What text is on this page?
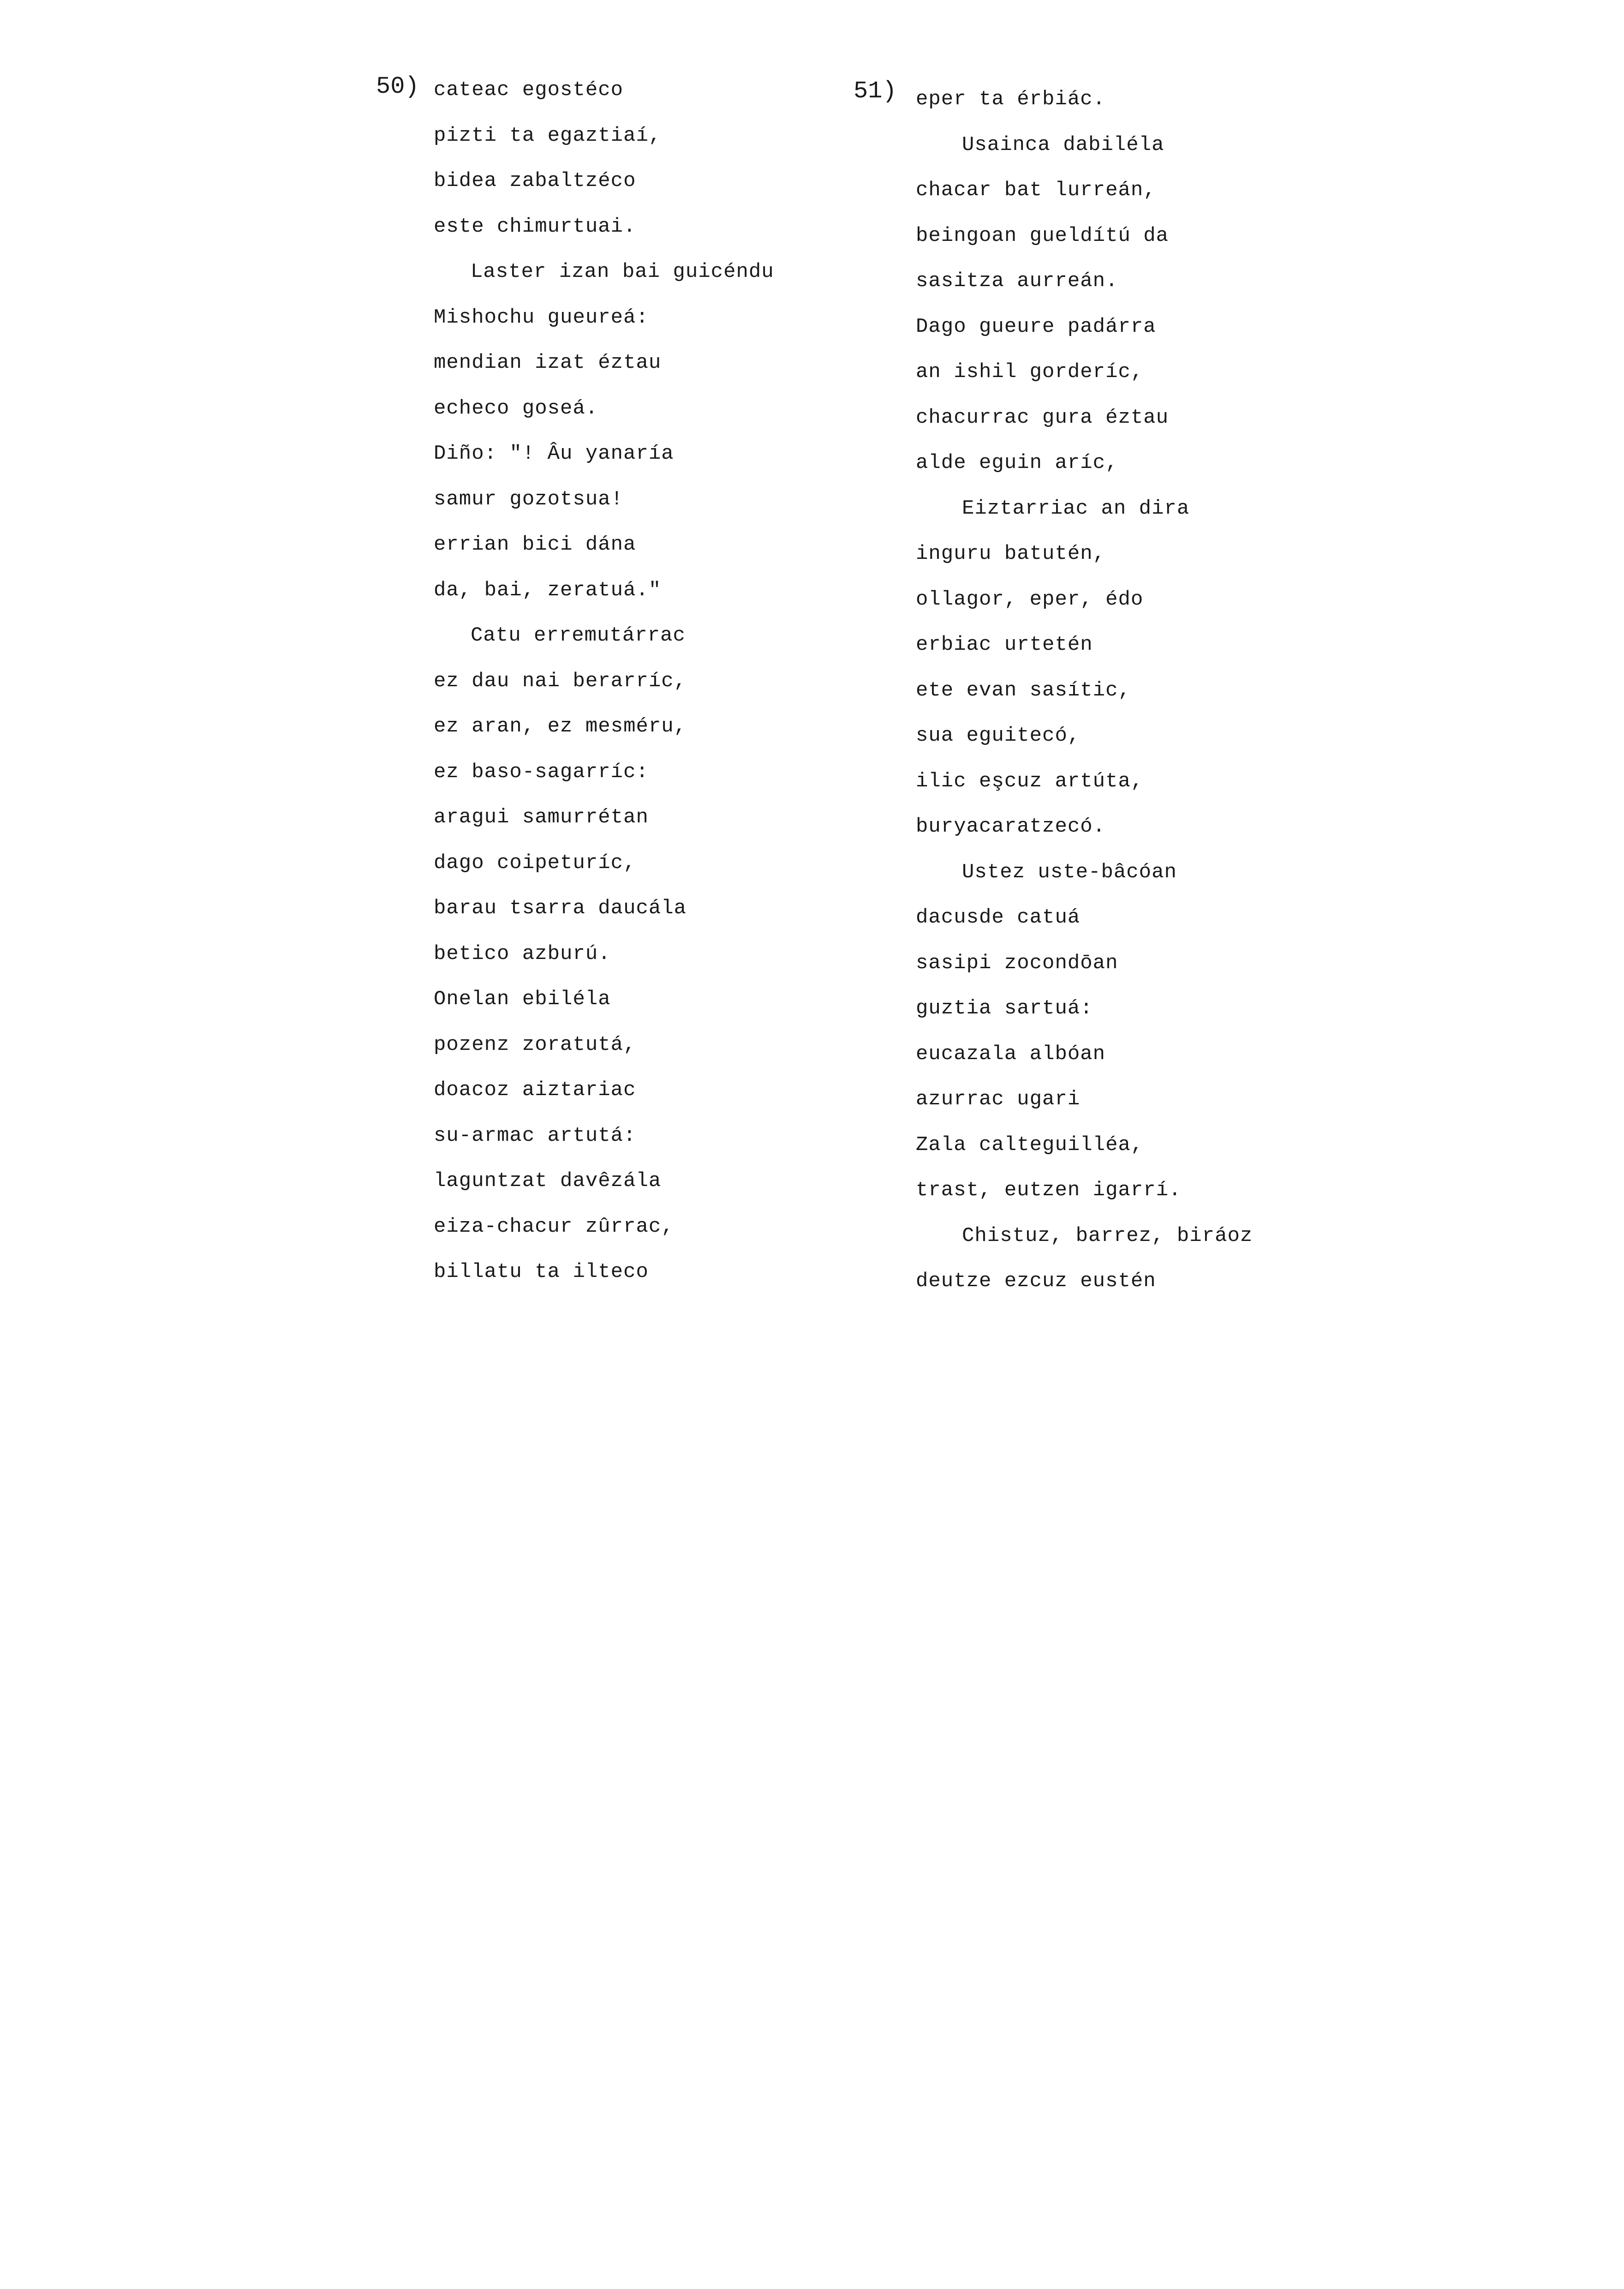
50)	51)
cateac egostéco
pizti ta egaztiaí,
bidea zabaltzéco
este chimurtuai.
Laster izan bai guicéndu
Mishochu gueureá:
mendian izat éztau
echeco goseá.
Diño: "! Âu yanaría
samur gozotsua!
errian bici dána
da, bai, zeratuá."
Catu erremutárrac
ez dau nai berarríc,
ez aran, ez mesméru,
ez baso-sagarríc:
aragui samurrétan
dago coipeturíc,
barau tsarra daucála
betico azburú.
Onelan ebiléla
pozenz zoratutá,
doacoz aiztariac
su-armac artutá:
laguntzat davêzála
eiza-chacur zûrrac,
billatu ta ilteco
eper ta érbiác.
Usainca dabiléla
chacar bat lurreán,
beingoan gueldítú da
sasitza aurreán.
Dago gueure padárra
an ishil gorderíc,
chacurrac gura éztau
alde eguin aríc,
Eiztarriac an dira
inguru batutén,
ollagor, eper, édo
erbiac urtetén
ete evan sasític,
sua eguitecó,
ilic eşcuz artúta,
buryacaratzecó.
Ustez uste-bâcóan
dacusde catuá
sasipi zocondōan
guztia sartuá:
eucazala albóan
azurrac ugari
Zala calteguilléa,
trast, eutzen igarrí.
Chistuz, barrez, biráoz
deutze ezcuz eustén
